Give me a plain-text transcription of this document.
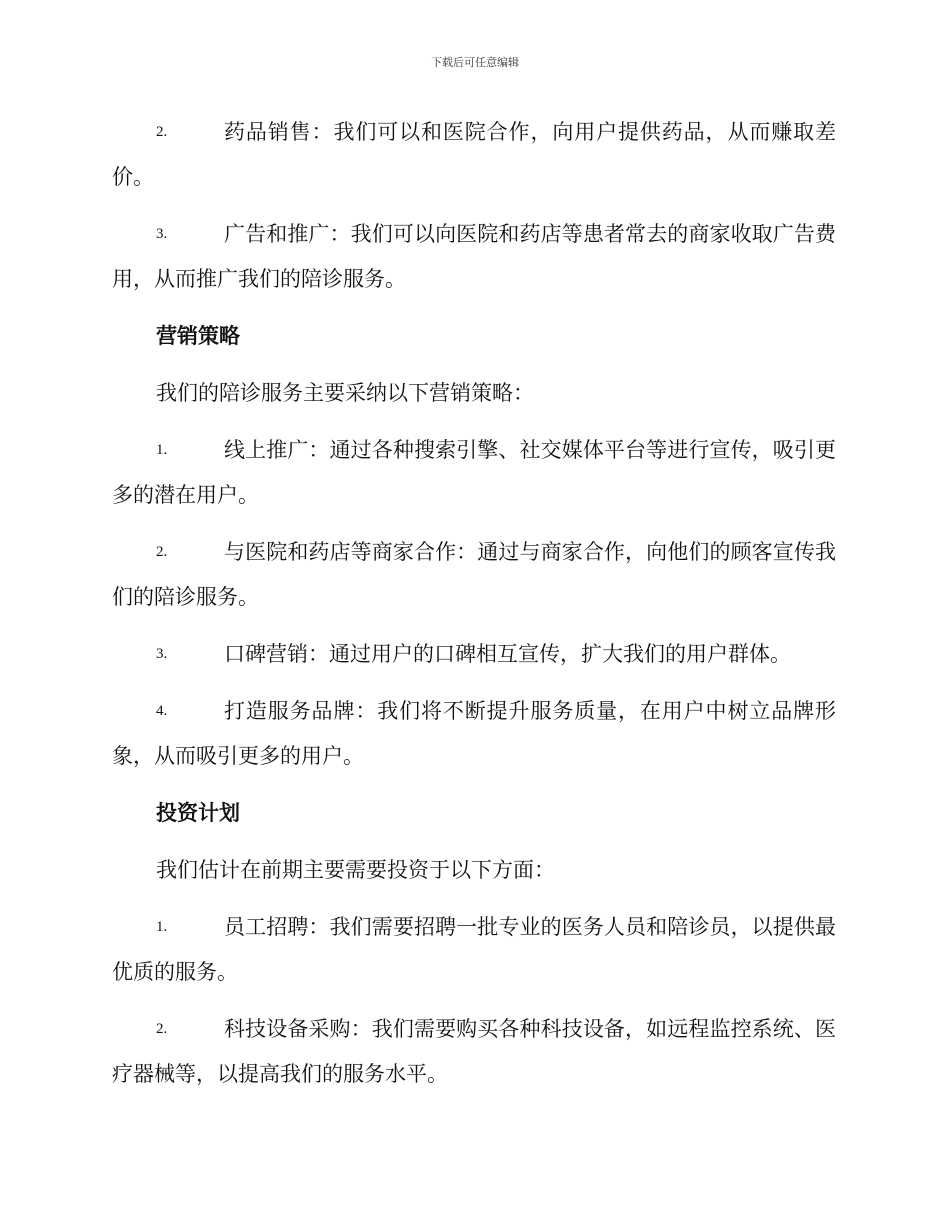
下载后可任意编辑
2.	药品销售：我们可以和医院合作，向用户提供药品，从而赚取差价。
3.	广告和推广：我们可以向医院和药店等患者常去的商家收取广告费用，从而推广我们的陪诊服务。
营销策略
我们的陪诊服务主要采纳以下营销策略：
1.	线上推广：通过各种搜索引擎、社交媒体平台等进行宣传，吸引更多的潜在用户。
2.	与医院和药店等商家合作：通过与商家合作，向他们的顾客宣传我们的陪诊服务。
3.	口碑营销：通过用户的口碑相互宣传，扩大我们的用户群体。
4.	打造服务品牌：我们将不断提升服务质量，在用户中树立品牌形象，从而吸引更多的用户。
投资计划
我们估计在前期主要需要投资于以下方面：
1.	员工招聘：我们需要招聘一批专业的医务人员和陪诊员，以提供最优质的服务。
2.	科技设备采购：我们需要购买各种科技设备，如远程监控系统、医疗器械等，以提高我们的服务水平。
